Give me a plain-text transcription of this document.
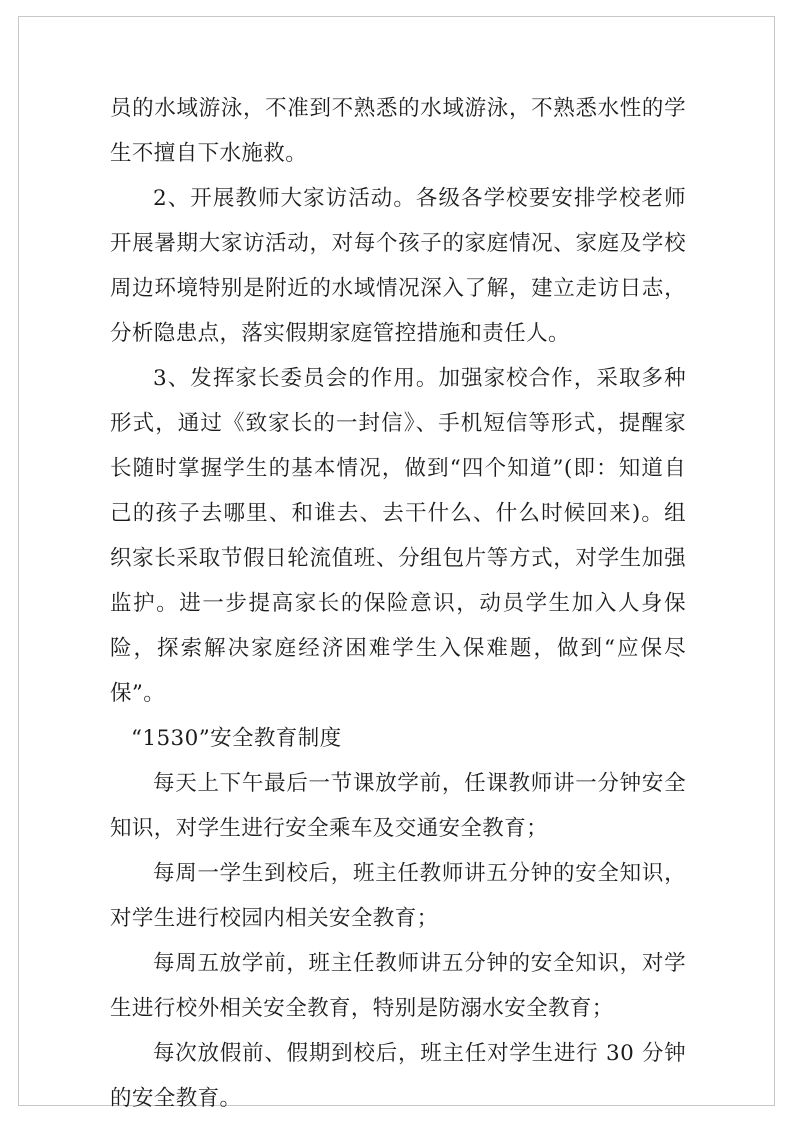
员的水域游泳，不准到不熟悉的水域游泳，不熟悉水性的学生不擅自下水施救。

2、开展教师大家访活动。各级各学校要安排学校老师开展暑期大家访活动，对每个孩子的家庭情况、家庭及学校周边环境特别是附近的水域情况深入了解，建立走访日志，分析隐患点，落实假期家庭管控措施和责任人。

3、发挥家长委员会的作用。加强家校合作，采取多种形式，通过《致家长的一封信》、手机短信等形式，提醒家长随时掌握学生的基本情况，做到“四个知道”(即：知道自己的孩子去哪里、和谁去、去干什么、什么时候回来)。组织家长采取节假日轮流值班、分组包片等方式，对学生加强监护。进一步提高家长的保险意识，动员学生加入人身保险，探索解决家庭经济困难学生入保难题，做到“应保尽保”。

“1530”安全教育制度

每天上下午最后一节课放学前，任课教师讲一分钟安全知识，对学生进行安全乘车及交通安全教育；

每周一学生到校后，班主任教师讲五分钟的安全知识，对学生进行校园内相关安全教育；

每周五放学前，班主任教师讲五分钟的安全知识，对学生进行校外相关安全教育，特别是防溺水安全教育；

每次放假前、假期到校后，班主任对学生进行 30 分钟的安全教育。
